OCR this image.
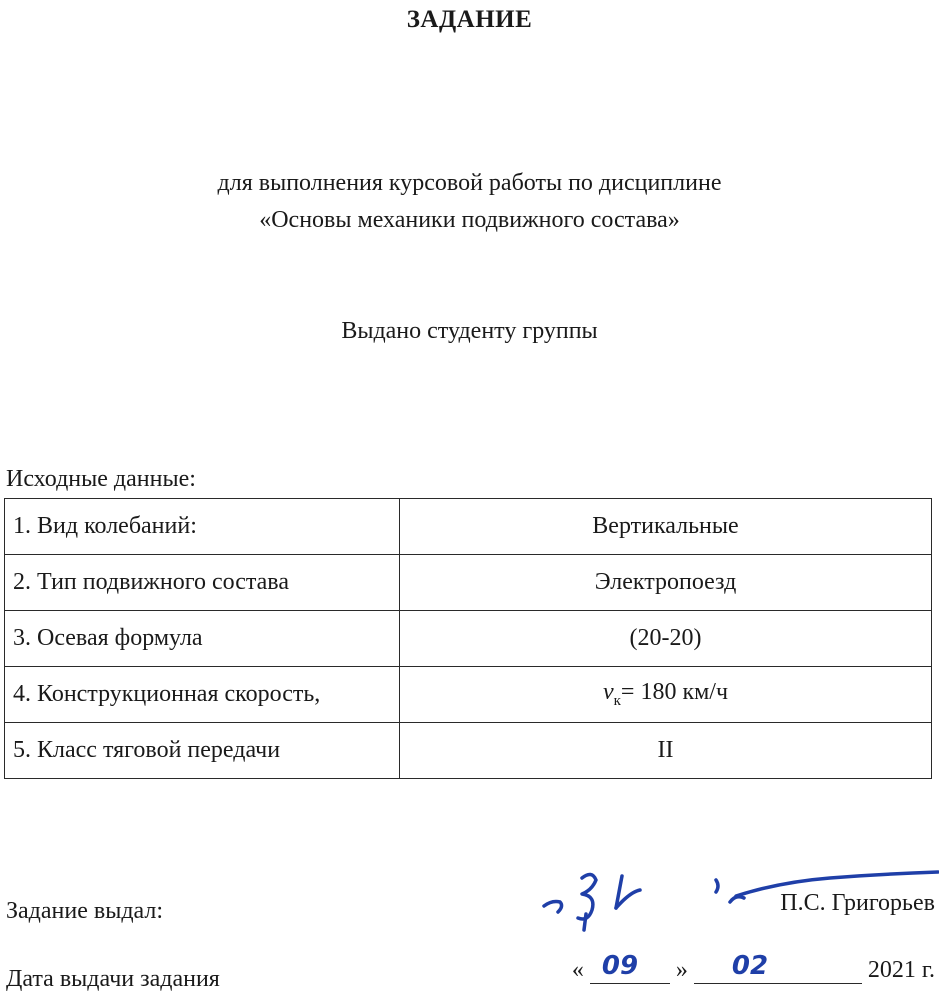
ЗАДАНИЕ
для выполнения курсовой работы по дисциплине
«Основы механики подвижного состава»
Выдано студенту группы
Исходные данные:
1. Вид колебаний:	Вертикальные
2. Тип подвижного состава	Электропоезд
3. Осевая формула	(20-20)
4. Конструкционная скорость,	$v_к= 180$ км/ч
5. Класс тяговой передачи	II
Задание выдал:	П.С. Григорьев
Дата выдачи задания	« 09 » 02	2021 г.
